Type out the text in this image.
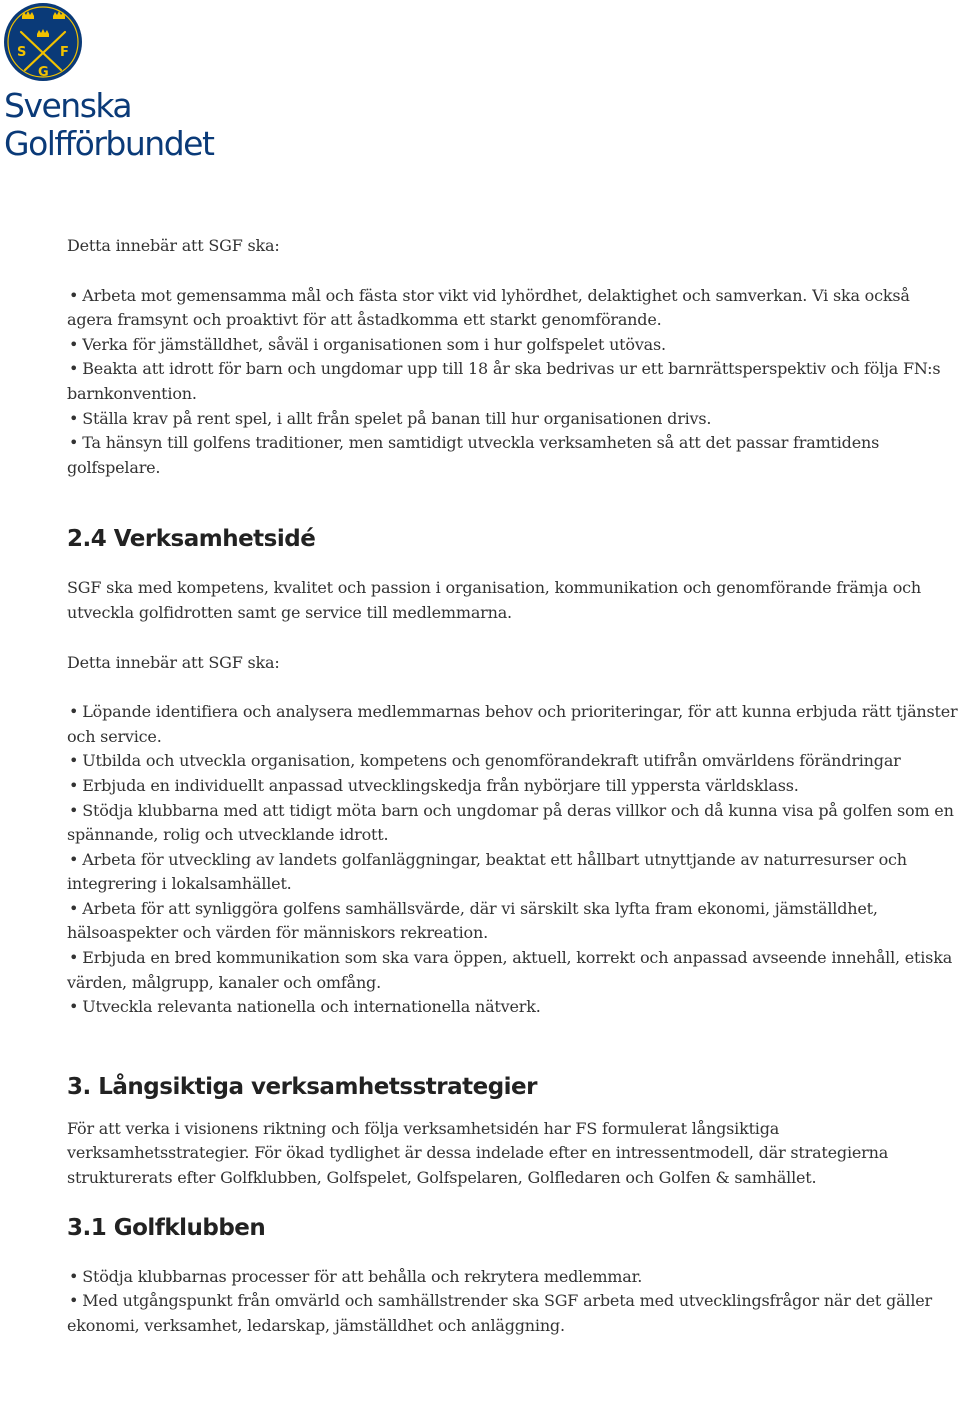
S	F
G
Svenska
Golfförbundet

Detta innebär att SGF ska:

• Arbeta mot gemensamma mål och fästa stor vikt vid lyhördhet, delaktighet och samverkan. Vi ska också agera framsynt och proaktivt för att åstadkomma ett starkt genomförande.
• Verka för jämställdhet, såväl i organisationen som i hur golfspelet utövas.
• Beakta att idrott för barn och ungdomar upp till 18 år ska bedrivas ur ett barnrättsperspektiv och följa FN:s barnkonvention.
• Ställa krav på rent spel, i allt från spelet på banan till hur organisationen drivs.
• Ta hänsyn till golfens traditioner, men samtidigt utveckla verksamheten så att det passar framtidens golfspelare.
2.4 Verksamhetsidé

SGF ska med kompetens, kvalitet och passion i organisation, kommunikation och genomförande främja och utveckla golfidrotten samt ge service till medlemmarna.

Detta innebär att SGF ska:

• Löpande identifiera och analysera medlemmarnas behov och prioriteringar, för att kunna erbjuda rätt tjänster och service.
• Utbilda och utveckla organisation, kompetens och genomförandekraft utifrån omvärldens förändringar
• Erbjuda en individuellt anpassad utvecklingskedja från nybörjare till yppersta världsklass.
• Stödja klubbarna med att tidigt möta barn och ungdomar på deras villkor och då kunna visa på golfen som en spännande, rolig och utvecklande idrott.
• Arbeta för utveckling av landets golfanläggningar, beaktat ett hållbart utnyttjande av naturresurser och integrering i lokalsamhället.
• Arbeta för att synliggöra golfens samhällsvärde, där vi särskilt ska lyfta fram ekonomi, jämställdhet, hälsoaspekter och värden för människors rekreation.
• Erbjuda en bred kommunikation som ska vara öppen, aktuell, korrekt och anpassad avseende innehåll, etiska värden, målgrupp, kanaler och omfång.
• Utveckla relevanta nationella och internationella nätverk.
3. Långsiktiga verksamhetsstrategier

För att verka i visionens riktning och följa verksamhetsidén har FS formulerat långsiktiga verksamhetsstrategier. För ökad tydlighet är dessa indelade efter en intressentmodell, där strategierna strukturerats efter Golfklubben, Golfspelet, Golfspelaren, Golfledaren och Golfen & samhället.

3.1 Golfklubben
• Stödja klubbarnas processer för att behålla och rekrytera medlemmar.
• Med utgångspunkt från omvärld och samhällstrender ska SGF arbeta med utvecklingsfrågor när det gäller ekonomi, verksamhet, ledarskap, jämställdhet och anläggning.
